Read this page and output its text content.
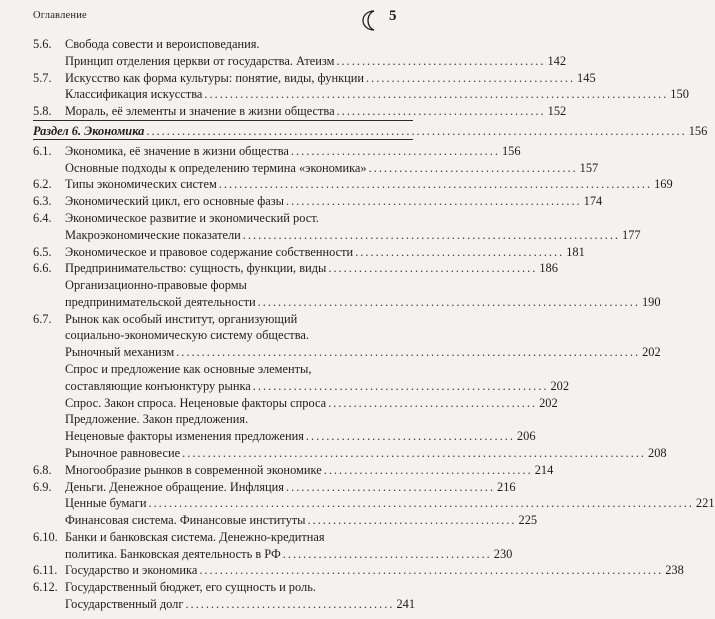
Оглавление	5
5.6. Свобода совести и вероисповедания.
Принцип отделения церкви от государства. Атеизм ......................................... 142
5.7. Искусство как форма культуры: понятие, виды, функции ......................................... 145
Классификация искусства ........................................................................................... 150
5.8. Мораль, её элементы и значение в жизни общества ......................................... 152
Раздел 6. Экономика .......................................................................................................... 156
6.1. Экономика, её значение в жизни общества ......................................... 156
Основные подходы к определению термина «экономика» ......................................... 157
6.2. Типы экономических систем ..................................................................................... 169
6.3. Экономический цикл, его основные фазы .......................................................... 174
6.4. Экономическое развитие и экономический рост.
Макроэкономические показатели .......................................................................... 177
6.5. Экономическое и правовое содержание собственности ......................................... 181
6.6. Предпринимательство: сущность, функции, виды ......................................... 186
Организационно-правовые формы
предпринимательской деятельности ........................................................................... 190
6.7. Рынок как особый институт, организующий
социально-экономическую систему общества.
Рыночный механизм ........................................................................................... 202
Спрос и предложение как основные элементы,
составляющие конъюнктуру рынка .......................................................... 202
Спрос. Закон спроса. Неценовые факторы спроса ......................................... 202
Предложение. Закон предложения.
Неценовые факторы изменения предложения ......................................... 206
Рыночное равновесие ........................................................................................... 208
6.8. Многообразие рынков в современной экономике ......................................... 214
6.9. Деньги. Денежное обращение. Инфляция ......................................... 216
Ценные бумаги ........................................................................................................... 221
Финансовая система. Финансовые институты ......................................... 225
6.10. Банки и банковская система. Денежно-кредитная
политика. Банковская деятельность в РФ ......................................... 230
6.11. Государство и экономика ........................................................................................... 238
6.12. Государственный бюджет, его сущность и роль.
Государственный долг ......................................... 241
